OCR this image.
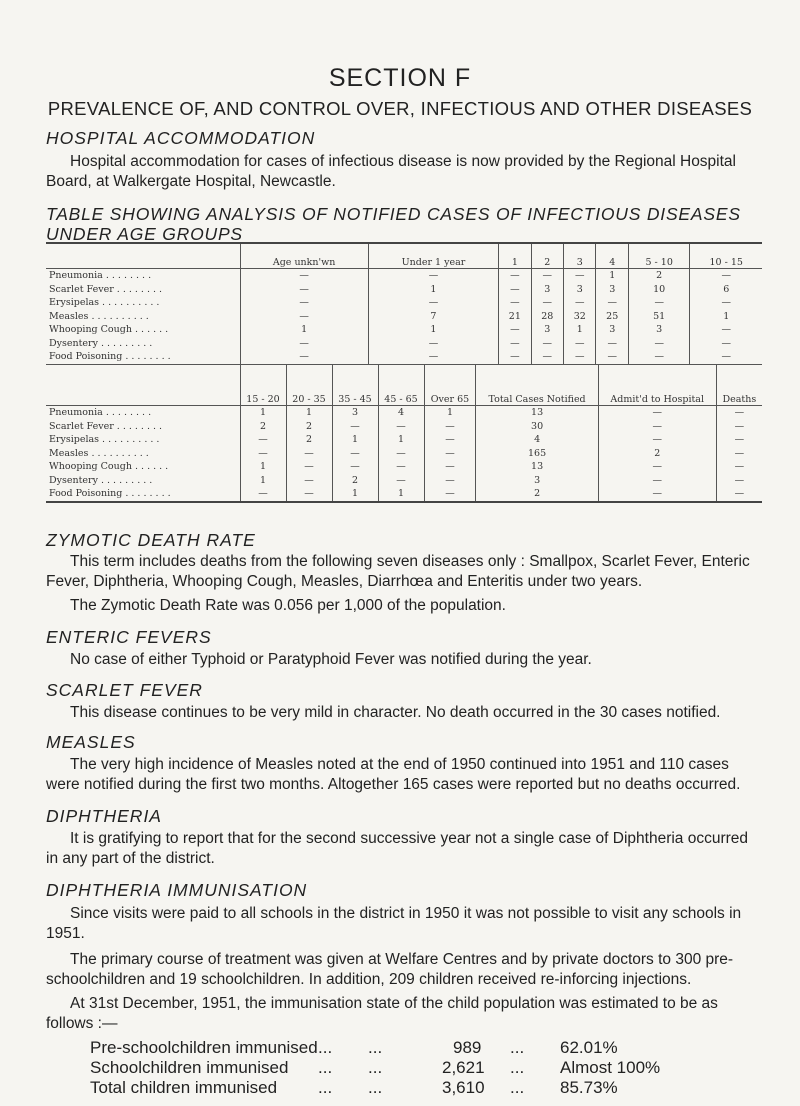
SECTION F
PREVALENCE OF, AND CONTROL OVER, INFECTIOUS AND OTHER DISEASES
HOSPITAL ACCOMMODATION
Hospital accommodation for cases of infectious disease is now provided by the Regional Hospital Board, at Walkergate Hospital, Newcastle.
TABLE SHOWING ANALYSIS OF NOTIFIED CASES OF INFECTIOUS DISEASES UNDER AGE GROUPS
	Age unkn'wn	Under 1 year	1	2	3	4	5 - 10	10 - 15
Pneumonia . . . . . . . .	—	—	—	—	—	1	2	—
Scarlet Fever . . . . . . . .	—	1	—	3	3	3	10	6
Erysipelas . . . . . . . . . .	—	—	—	—	—	—	—	—
Measles . . . . . . . . . .	—	7	21	28	32	25	51	1
Whooping Cough . . . . . .	1	1	—	3	1	3	3	—
Dysentery . . . . . . . . .	—	—	—	—	—	—	—	—
Food Poisoning . . . . . . . .	—	—	—	—	—	—	—	—
	15 - 20	20 - 35	35 - 45	45 - 65	Over 65	Total Cases Notified	Admit'd to Hospital	Deaths
Pneumonia . . . . . . . .	1	1	3	4	1	13	—	—
Scarlet Fever . . . . . . . .	2	2	—	—	—	30	—	—
Erysipelas . . . . . . . . . .	—	2	1	1	—	4	—	—
Measles . . . . . . . . . .	—	—	—	—	—	165	2	—
Whooping Cough . . . . . .	1	—	—	—	—	13	—	—
Dysentery . . . . . . . . .	1	—	2	—	—	3	—	—
Food Poisoning . . . . . . . .	—	—	1	1	—	2	—	—
ZYMOTIC DEATH RATE
This term includes deaths from the following seven diseases only : Smallpox, Scarlet Fever, Enteric Fever, Diphtheria, Whooping Cough, Measles, Diarrhœa and Enteritis under two years.
The Zymotic Death Rate was 0.056 per 1,000 of the population.
ENTERIC FEVERS
No case of either Typhoid or Paratyphoid Fever was notified during the year.
SCARLET FEVER
This disease continues to be very mild in character. No death occurred in the 30 cases notified.
MEASLES
The very high incidence of Measles noted at the end of 1950 continued into 1951 and 110 cases were notified during the first two months. Altogether 165 cases were reported but no deaths occurred.
DIPHTHERIA
It is gratifying to report that for the second successive year not a single case of Diphtheria occurred in any part of the district.
DIPHTHERIA IMMUNISATION
Since visits were paid to all schools in the district in 1950 it was not possible to visit any schools in 1951.
The primary course of treatment was given at Welfare Centres and by private doctors to 300 pre-schoolchildren and 19 schoolchildren. In addition, 209 children received re-inforcing injections.
At 31st December, 1951, the immunisation state of the child population was estimated to be as follows :—
Pre-schoolchildren immunised ... ...	989 ... 62.01%
Schoolchildren immunised ... ...	2,621 ... Almost 100%
Total children immunised ... ...	3,610 ... 85.73%
